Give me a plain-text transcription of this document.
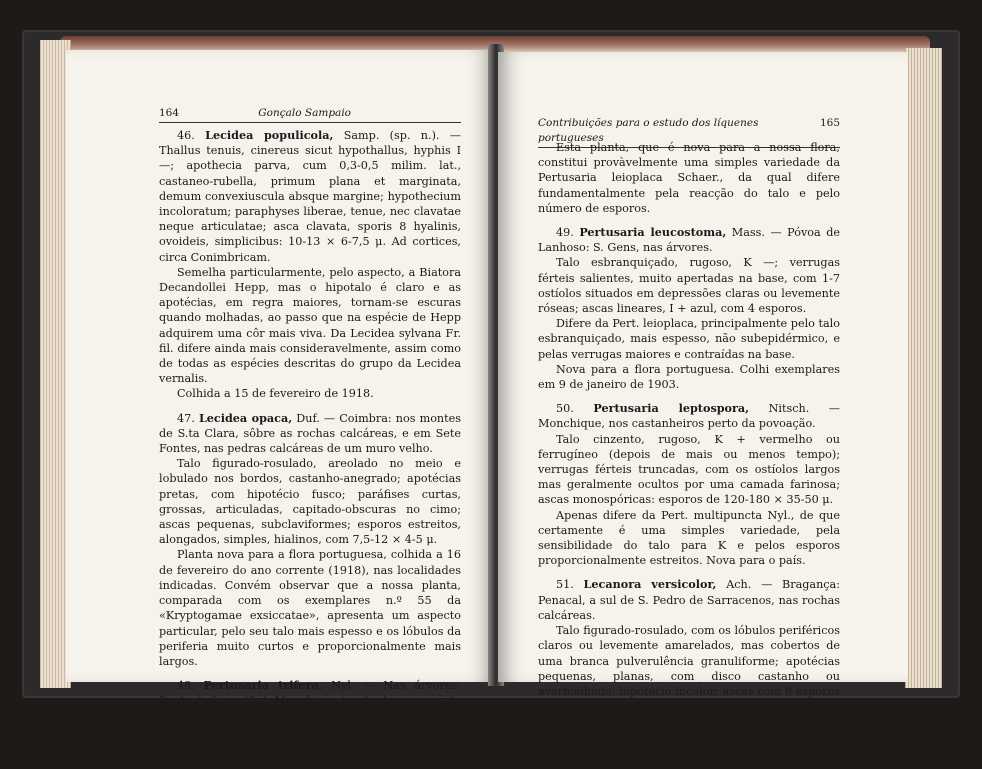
164	Gonçalo Sampaio

46. Lecidea populicola, Samp. (sp. n.). — Thallus tenuis, cinereus sicut hypothallus, hyphis I —; apothecia parva, cum 0,3-0,5 milim. lat., castaneo-rubella, primum plana et marginata, demum convexiuscula absque margine; hypothecium incoloratum; paraphyses liberae, tenue, nec clavatae neque articulatae; asca clavata, sporis 8 hyalinis, ovoideis, simplicibus: 10-13 × 6-7,5 μ. Ad cortices, circa Conimbricam.

Semelha particularmente, pelo aspecto, a Biatora Decandollei Hepp, mas o hipotalo é claro e as apotécias, em regra maiores, tornam-se escuras quando molhadas, ao passo que na espécie de Hepp adquirem uma côr mais viva. Da Lecidea sylvana Fr. fil. difere ainda mais consideravelmente, assim como de todas as espécies descritas do grupo da Lecidea vernalis.

Colhida a 15 de fevereiro de 1918.

47. Lecidea opaca, Duf. — Coimbra: nos montes de S.ta Clara, sôbre as rochas calcáreas, e em Sete Fontes, nas pedras calcáreas de um muro velho.

Talo figurado-rosulado, areolado no meio e lobulado nos bordos, castanho-anegrado; apotécias pretas, com hipotécio fusco; paráfises curtas, grossas, articuladas, capitado-obscuras no cimo; ascas pequenas, subclaviformes; esporos estreitos, alongados, simples, hialinos, com 7,5-12 × 4-5 μ.

Planta nova para a flora portuguesa, colhida a 16 de fevereiro do ano corrente (1918), nas localidades indicadas. Convém observar que a nossa planta, comparada com os exemplares n.º 55 da «Kryptogamae exsiccatae», apresenta um aspecto particular, pelo seu talo mais espesso e os lóbulos da periferia muito curtos e proporcionalmente mais largos.

48. Pertusaria trifera, Nyl. — Nas árvores: Ponte do Lima (Sá); Monchique (perto da povoação).

Talo ténue, cinzento, subepidérmico, K + amarelo ou ocáceo; verrugas salientes, não ou pouco apertadas na base, com 1-4 ostíolos; ascas lineares, I + azul, com 1-3 esporos.

Contribuições para o estudo dos líquenes portugueses
165

Esta planta, que é nova para a nossa flora, constitui provàvelmente uma simples variedade da Pertusaria leioplaca Schaer., da qual difere fundamentalmente pela reacção do talo e pelo número de esporos.

49. Pertusaria leucostoma, Mass. — Póvoa de Lanhoso: S. Gens, nas árvores.

Talo esbranquiçado, rugoso, K —; verrugas férteis salientes, muito apertadas na base, com 1-7 ostíolos situados em depressões claras ou levemente róseas; ascas lineares, I + azul, com 4 esporos.

Difere da Pert. leioplaca, principalmente pelo talo esbranquiçado, mais espesso, não subepidérmico, e pelas verrugas maiores e contraídas na base.

Nova para a flora portuguesa. Colhi exemplares em 9 de janeiro de 1903.

50. Pertusaria leptospora, Nitsch. — Monchique, nos castanheiros perto da povoação.

Talo cinzento, rugoso, K + vermelho ou ferrugíneo (depois de mais ou menos tempo); verrugas férteis truncadas, com os ostíolos largos mas geralmente ocultos por uma camada farinosa; ascas monospóricas: esporos de 120-180 × 35-50 μ.

Apenas difere da Pert. multipuncta Nyl., de que certamente é uma simples variedade, pela sensibilidade do talo para K e pelos esporos proporcionalmente estreitos. Nova para o país.

51. Lecanora versicolor, Ach. — Bragança: Penacal, a sul de S. Pedro de Sarracenos, nas rochas calcáreas.

Talo figurado-rosulado, com os lóbulos periféricos claros ou levemente amarelados, mas cobertos de uma branca pulverulência granuliforme; apotécias pequenas, planas, com disco castanho ou avermelhado; hipotécio incolor; ascas com 8 esporos ovoides, simples, hialinos, de 9-11 × 5-5,5 μ.
